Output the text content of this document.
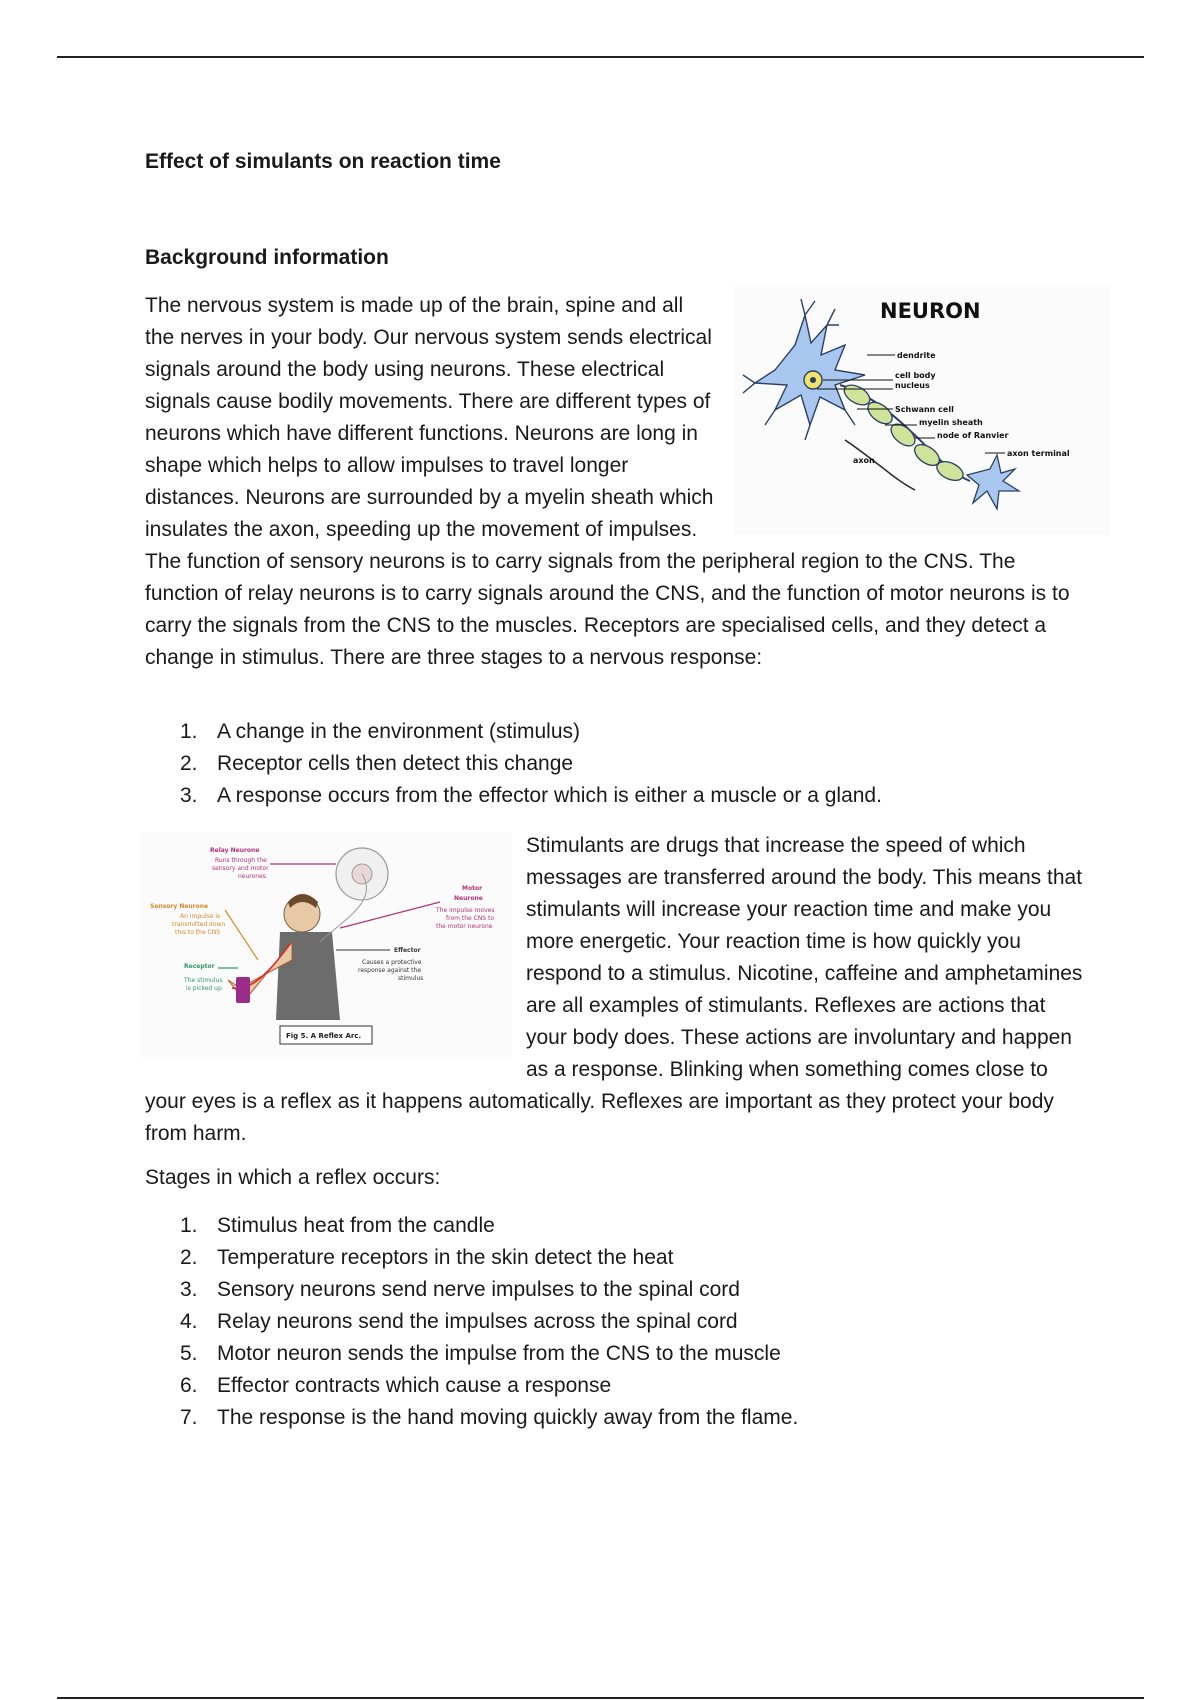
Effect of simulants on reaction time
Background information
NEURON
dendrite
cell body
nucleus
Schwann cell
myelin sheath
node of Ranvier
axon
axon terminal

The nervous system is made up of the brain, spine and all the nerves in your body. Our nervous system sends electrical signals around the body using neurons. These electrical signals cause bodily movements. There are different types of neurons which have different functions. Neurons are long in shape which helps to allow impulses to travel longer distances. Neurons are surrounded by a myelin sheath which insulates the axon, speeding up the movement of impulses. The function of sensory neurons is to carry signals from the peripheral region to the CNS. The function of relay neurons is to carry signals around the CNS, and the function of motor neurons is to carry the signals from the CNS to the muscles. Receptors are specialised cells, and they detect a change in stimulus. There are three stages to a nervous response:

1. A change in the environment (stimulus)
2. Receptor cells then detect this change
3. A response occurs from the effector which is either a muscle or a gland.
Relay Neurone
Runs through the
sensory and motor
neurones
Sensory Neurone
An impulse is
transmitted down
this to the CNS
Receptor
The stimulus
is picked up
Motor
Neurone
The impulse moves
from the CNS to
the motor neurone
Effector
Causes a protective
response against the
stimulus
Fig 5. A Reflex Arc.

Stimulants are drugs that increase the speed of which messages are transferred around the body. This means that stimulants will increase your reaction time and make you more energetic. Your reaction time is how quickly you respond to a stimulus. Nicotine, caffeine and amphetamines are all examples of stimulants. Reflexes are actions that your body does. These actions are involuntary and happen as a response. Blinking when something comes close to your eyes is a reflex as it happens automatically. Reflexes are important as they protect your body from harm.

Stages in which a reflex occurs:
1. Stimulus heat from the candle
2. Temperature receptors in the skin detect the heat
3. Sensory neurons send nerve impulses to the spinal cord
4. Relay neurons send the impulses across the spinal cord
5. Motor neuron sends the impulse from the CNS to the muscle
6. Effector contracts which cause a response
7. The response is the hand moving quickly away from the flame.
